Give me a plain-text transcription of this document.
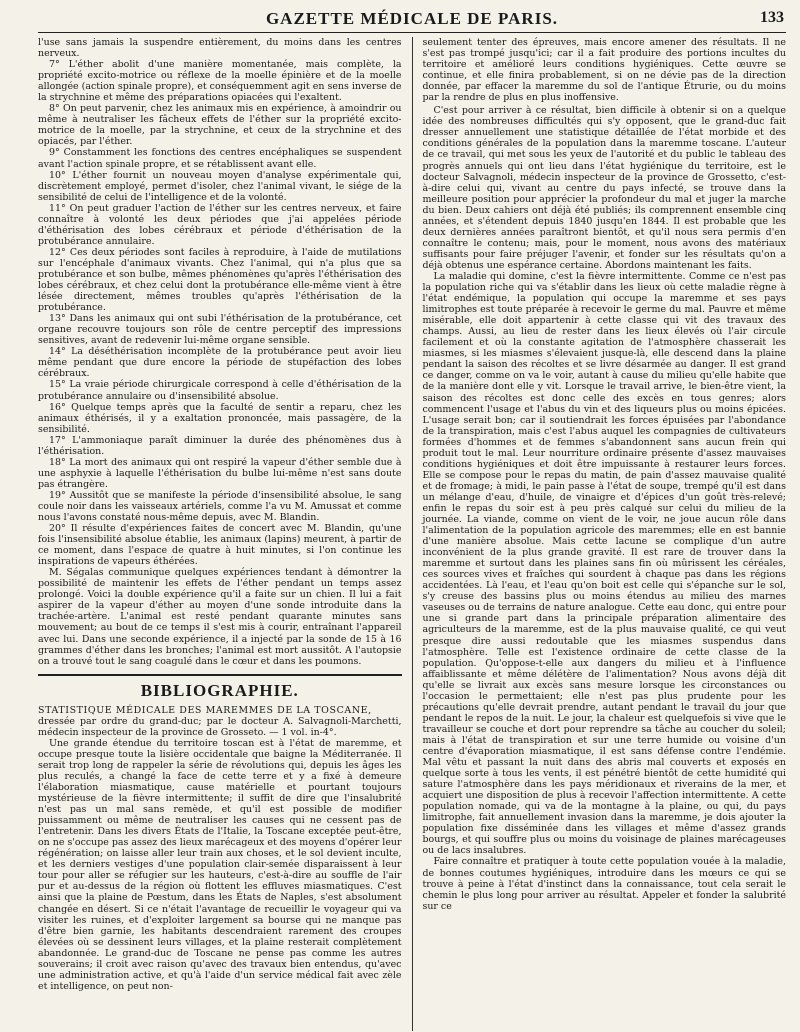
GAZETTE MÉDICALE DE PARIS.	133

l'use sans jamais la suspendre entièrement, du moins dans les centres nerveux.

7° L'éther abolit d'une manière momentanée, mais complète, la propriété excito-motrice ou réflexe de la moelle épinière et de la moelle allongée (action spinale propre), et conséquemment agit en sens inverse de la strychnine et même des préparations opiacées qui l'exaltent.

8° On peut parvenir, chez les animaux mis en expérience, à amoindrir ou même à neutraliser les fâcheux effets de l'éther sur la propriété excito-motrice de la moelle, par la strychnine, et ceux de la strychnine et des opiacés, par l'éther.

9° Constamment les fonctions des centres encéphaliques se suspendent avant l'action spinale propre, et se rétablissent avant elle.

10° L'éther fournit un nouveau moyen d'analyse expérimentale qui, discrètement employé, permet d'isoler, chez l'animal vivant, le siége de la sensibilité de celui de l'intelligence et de la volonté.

11° On peut graduer l'action de l'éther sur les centres nerveux, et faire connaître à volonté les deux périodes que j'ai appelées période d'éthérisation des lobes cérébraux et période d'éthérisation de la protubérance annulaire.

12° Ces deux périodes sont faciles à reproduire, à l'aide de mutilations sur l'encéphale d'animaux vivants. Chez l'animal, qui n'a plus que sa protubérance et son bulbe, mêmes phénomènes qu'après l'éthérisation des lobes cérébraux, et chez celui dont la protubérance elle-même vient à être lésée directement, mêmes troubles qu'après l'éthérisation de la protubérance.

13° Dans les animaux qui ont subi l'éthérisation de la protubérance, cet organe recouvre toujours son rôle de centre perceptif des impressions sensitives, avant de redevenir lui-même organe sensible.

14° La déséthérisation incomplète de la protubérance peut avoir lieu même pendant que dure encore la période de stupéfaction des lobes cérébraux.

15° La vraie période chirurgicale correspond à celle d'éthérisation de la protubérance annulaire ou d'insensibilité absolue.

16° Quelque temps après que la faculté de sentir a reparu, chez les animaux éthérisés, il y a exaltation prononcée, mais passagère, de la sensibilité.

17° L'ammoniaque paraît diminuer la durée des phénomènes dus à l'éthérisation.

18° La mort des animaux qui ont respiré la vapeur d'éther semble due à une asphyxie à laquelle l'éthérisation du bulbe lui-même n'est sans doute pas étrangère.

19° Aussitôt que se manifeste la période d'insensibilité absolue, le sang coule noir dans les vaisseaux artériels, comme l'a vu M. Amussat et comme nous l'avons constaté nous-même depuis, avec M. Blandin.

20° Il résulte d'expériences faites de concert avec M. Blandin, qu'une fois l'insensibilité absolue établie, les animaux (lapins) meurent, à partir de ce moment, dans l'espace de quatre à huit minutes, si l'on continue les inspirations de vapeurs éthérées.

M. Ségalas communique quelques expériences tendant à démontrer la possibilité de maintenir les effets de l'éther pendant un temps assez prolongé. Voici la double expérience qu'il a faite sur un chien. Il lui a fait aspirer de la vapeur d'éther au moyen d'une sonde introduite dans la trachée-artère. L'animal est resté pendant quarante minutes sans mouvement; au bout de ce temps il s'est mis à courir, entraînant l'appareil avec lui. Dans une seconde expérience, il a injecté par la sonde de 15 à 16 grammes d'éther dans les bronches; l'animal est mort aussitôt. A l'autopsie on a trouvé tout le sang coagulé dans le cœur et dans les poumons.

BIBLIOGRAPHIE.

STATISTIQUE MÉDICALE DES MAREMMES DE LA TOSCANE,

dressée par ordre du grand-duc; par le docteur A. Salvagnoli-Marchetti, médecin inspecteur de la province de Grosseto. — 1 vol. in-4°.

Une grande étendue du territoire toscan est à l'état de maremme, et occupe presque toute la lisière occidentale que baigne la Méditerranée. Il serait trop long de rappeler la série de révolutions qui, depuis les âges les plus reculés, a changé la face de cette terre et y a fixé à demeure l'élaboration miasmatique, cause matérielle et pourtant toujours mystérieuse de la fièvre intermittente; il suffit de dire que l'insalubrité n'est pas un mal sans remède, et qu'il est possible de modifier puissamment ou même de neutraliser les causes qui ne cessent pas de l'entretenir. Dans les divers États de l'Italie, la Toscane exceptée peut-être, on ne s'occupe pas assez des lieux marécageux et des moyens d'opérer leur régénération; on laisse aller leur train aux choses, et le sol devient inculte, et les derniers vestiges d'une population clair-semée disparaissent à leur tour pour aller se réfugier sur les hauteurs, c'est-à-dire au souffle de l'air pur et au-dessus de la région où flottent les effluves miasmatiques. C'est ainsi que la plaine de Pœstum, dans les États de Naples, s'est absolument changée en désert. Si ce n'était l'avantage de recueillir le voyageur qui va visiter les ruines, et d'exploiter largement sa bourse qui ne manque pas d'être bien garnie, les habitants descendraient rarement des croupes élevées où se dessinent leurs villages, et la plaine resterait complètement abandonnée. Le grand-duc de Toscane ne pense pas comme les autres souverains; il croit avec raison qu'avec des travaux bien entendus, qu'avec une administration active, et qu'à l'aide d'un service médical fait avec zèle et intelligence, on peut non-

seulement tenter des épreuves, mais encore amener des résultats. Il ne s'est pas trompé jusqu'ici; car il a fait produire des portions incultes du territoire et amélioré leurs conditions hygiéniques. Cette œuvre se continue, et elle finira probablement, si on ne dévie pas de la direction donnée, par effacer la maremme du sol de l'antique Étrurie, ou du moins par la rendre de plus en plus inoffensive.

C'est pour arriver à ce résultat, bien difficile à obtenir si on a quelque idée des nombreuses difficultés qui s'y opposent, que le grand-duc fait dresser annuellement une statistique détaillée de l'état morbide et des conditions générales de la population dans la maremme toscane. L'auteur de ce travail, qui met sous les yeux de l'autorité et du public le tableau des progrès annuels qui ont lieu dans l'état hygiénique du territoire, est le docteur Salvagnoli, médecin inspecteur de la province de Grossetto, c'est-à-dire celui qui, vivant au centre du pays infecté, se trouve dans la meilleure position pour apprécier la profondeur du mal et juger la marche du bien. Deux cahiers ont déjà été publiés; ils comprennent ensemble cinq années, et s'étendent depuis 1840 jusqu'en 1844. Il est probable que les deux dernières années paraîtront bientôt, et qu'il nous sera permis d'en connaître le contenu; mais, pour le moment, nous avons des matériaux suffisants pour faire préjuger l'avenir, et fonder sur les résultats qu'on a déjà obtenus une espérance certaine. Abordons maintenant les faits.

La maladie qui domine, c'est la fièvre intermittente. Comme ce n'est pas la population riche qui va s'établir dans les lieux où cette maladie règne à l'état endémique, la population qui occupe la maremme et ses pays limitrophes est toute préparée à recevoir le germe du mal. Pauvre et même misérable, elle doit appartenir à cette classe qui vit des travaux des champs. Aussi, au lieu de rester dans les lieux élevés où l'air circule facilement et où la constante agitation de l'atmosphère chasserait les miasmes, si les miasmes s'élevaient jusque-là, elle descend dans la plaine pendant la saison des récoltes et se livre désarmée au danger. Il est grand ce danger, comme on va le voir, autant à cause du milieu qu'elle habite que de la manière dont elle y vit. Lorsque le travail arrive, le bien-être vient, la saison des récoltes est donc celle des excès en tous genres; alors commencent l'usage et l'abus du vin et des liqueurs plus ou moins épicées. L'usage serait bon; car il soutiendrait les forces épuisées par l'abondance de la transpiration, mais c'est l'abus auquel les compagnies de cultivateurs formées d'hommes et de femmes s'abandonnent sans aucun frein qui produit tout le mal. Leur nourriture ordinaire présente d'assez mauvaises conditions hygiéniques et doit être impuissante à restaurer leurs forces. Elle se compose pour le repas du matin, de pain d'assez mauvaise qualité et de fromage; à midi, le pain passe à l'état de soupe, trempé qu'il est dans un mélange d'eau, d'huile, de vinaigre et d'épices d'un goût très-relevé; enfin le repas du soir est à peu près calqué sur celui du milieu de la journée. La viande, comme on vient de le voir, ne joue aucun rôle dans l'alimentation de la population agricole des maremmes; elle en est bannie d'une manière absolue. Mais cette lacune se complique d'un autre inconvénient de la plus grande gravité. Il est rare de trouver dans la maremme et surtout dans les plaines sans fin où mûrissent les céréales, ces sources vives et fraîches qui sourdent à chaque pas dans les régions accidentées. Là l'eau, et l'eau qu'on boit est celle qui s'épanche sur le sol, s'y creuse des bassins plus ou moins étendus au milieu des marnes vaseuses ou de terrains de nature analogue. Cette eau donc, qui entre pour une si grande part dans la principale préparation alimentaire des agriculteurs de la maremme, est de la plus mauvaise qualité, ce qui veut presque dire aussi redoutable que les miasmes suspendus dans l'atmosphère. Telle est l'existence ordinaire de cette classe de la population. Qu'oppose-t-elle aux dangers du milieu et à l'influence affaiblissante et même délétère de l'alimentation? Nous avons déjà dit qu'elle se livrait aux excès sans mesure lorsque les circonstances ou l'occasion le permettaient; elle n'est pas plus prudente pour les précautions qu'elle devrait prendre, autant pendant le travail du jour que pendant le repos de la nuit. Le jour, la chaleur est quelquefois si vive que le travailleur se couche et dort pour reprendre sa tâche au coucher du soleil; mais à l'état de transpiration et sur une terre humide ou voisine d'un centre d'évaporation miasmatique, il est sans défense contre l'endémie. Mal vêtu et passant la nuit dans des abris mal couverts et exposés en quelque sorte à tous les vents, il est pénétré bientôt de cette humidité qui sature l'atmosphère dans les pays méridionaux et riverains de la mer, et acquiert une disposition de plus à recevoir l'affection intermittente. A cette population nomade, qui va de la montagne à la plaine, ou qui, du pays limitrophe, fait annuellement invasion dans la maremme, je dois ajouter la population fixe disséminée dans les villages et même d'assez grands bourgs, et qui souffre plus ou moins du voisinage de plaines marécageuses ou de lacs insalubres.

Faire connaître et pratiquer à toute cette population vouée à la maladie, de bonnes coutumes hygiéniques, introduire dans les mœurs ce qui se trouve à peine à l'état d'instinct dans la connaissance, tout cela serait le chemin le plus long pour arriver au résultat. Appeler et fonder la salubrité sur ce
